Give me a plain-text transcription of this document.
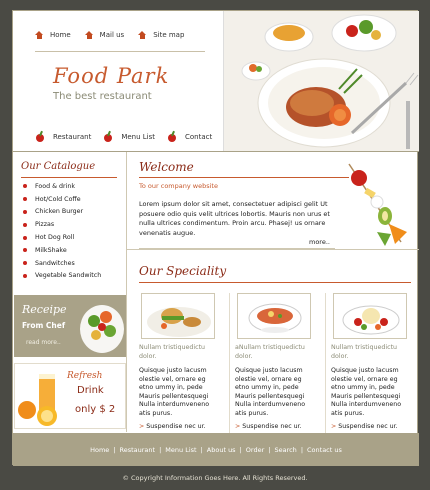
Home	Mail us	Site map
Food Park
The best restaurant
Restaurant	Menu List	Contact
Our Catalogue
Food & drink
Hot/Cold Coffe
Chicken Burger
Pizzas
Hot Dog Roll
MilkShake
Sandwitches
Vegetable Sandwitch
Receipe
From Chef
read more..
Refresh
Drink
only $ 2
Welcome
To our company website
Lorem ipsum dolor sit amet, consectetuer adipisci gelit Ut posuere odio quis velit ultrices lobortis. Mauris non urus et nulla ultrices condimentum. Proin arcu. Phasej! us ornare venenatis augue.
more..
Our Speciality
Nullam tristiquedictu dolor.
Quisque justo lacusm olestie vel, ornare eg etno ummy in, pede Mauris pellentesquegi Nulla interdumveneno atis purus.
> Suspendise nec ur.
aNullam tristiquedictu dolor.
Quisque justo lacusm olestie vel, ornare eg etno ummy in, pede Mauris pellentesquegi Nulla interdumveneno atis purus.
> Suspendise nec ur.
Nullam tristiquedictu dolor.
Quisque justo lacusm olestie vel, ornare eg etno ummy in, pede Mauris pellentesquegi Nulla interdumveneno atis purus.
> Suspendise nec ur.
Home | Restaurant | Menu List | About us | Order | Search | Contact us
© Copyright Information Goes Here. All Rights Reserved.
